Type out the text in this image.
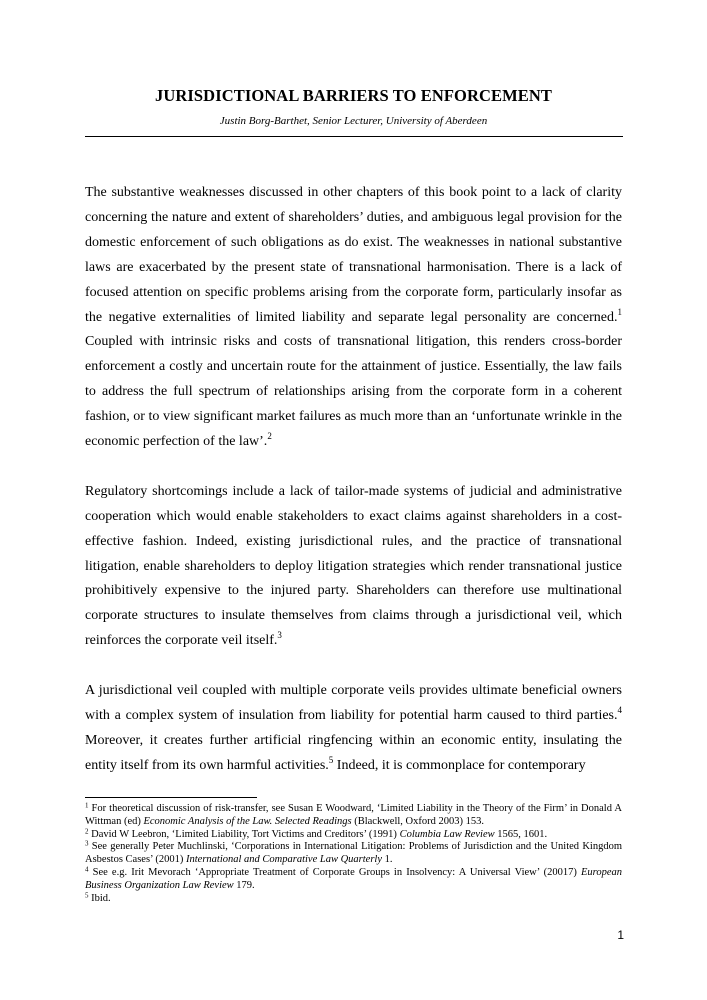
JURISDICTIONAL BARRIERS TO ENFORCEMENT
Justin Borg-Barthet, Senior Lecturer, University of Aberdeen

The substantive weaknesses discussed in other chapters of this book point to a lack of clarity concerning the nature and extent of shareholders’ duties, and ambiguous legal provision for the domestic enforcement of such obligations as do exist. The weaknesses in national substantive laws are exacerbated by the present state of transnational harmonisation. There is a lack of focused attention on specific problems arising from the corporate form, particularly insofar as the negative externalities of limited liability and separate legal personality are concerned.$^1$ Coupled with intrinsic risks and costs of transnational litigation, this renders cross-border enforcement a costly and uncertain route for the attainment of justice. Essentially, the law fails to address the full spectrum of relationships arising from the corporate form in a coherent fashion, or to view significant market failures as much more than an ‘unfortunate wrinkle in the economic perfection of the law’.$^2$

Regulatory shortcomings include a lack of tailor-made systems of judicial and administrative cooperation which would enable stakeholders to exact claims against shareholders in a cost-effective fashion. Indeed, existing jurisdictional rules, and the practice of transnational litigation, enable shareholders to deploy litigation strategies which render transnational justice prohibitively expensive to the injured party. Shareholders can therefore use multinational corporate structures to insulate themselves from claims through a jurisdictional veil, which reinforces the corporate veil itself.$^3$

A jurisdictional veil coupled with multiple corporate veils provides ultimate beneficial owners with a complex system of insulation from liability for potential harm caused to third parties.$^4$ Moreover, it creates further artificial ringfencing within an economic entity, insulating the entity itself from its own harmful activities.$^5$ Indeed, it is commonplace for contemporary

$^1$ For theoretical discussion of risk-transfer, see Susan E Woodward, ‘Limited Liability in the Theory of the Firm’ in Donald A Wittman (ed) Economic Analysis of the Law. Selected Readings (Blackwell, Oxford 2003) 153.

$^2$ David W Leebron, ‘Limited Liability, Tort Victims and Creditors’ (1991) Columbia Law Review 1565, 1601.

$^3$ See generally Peter Muchlinski, ‘Corporations in International Litigation: Problems of Jurisdiction and the United Kingdom Asbestos Cases’ (2001) International and Comparative Law Quarterly 1.

$^4$ See e.g. Irit Mevorach ‘Appropriate Treatment of Corporate Groups in Insolvency: A Universal View’ (20017) European Business Organization Law Review 179.

$^5$ Ibid.

1
